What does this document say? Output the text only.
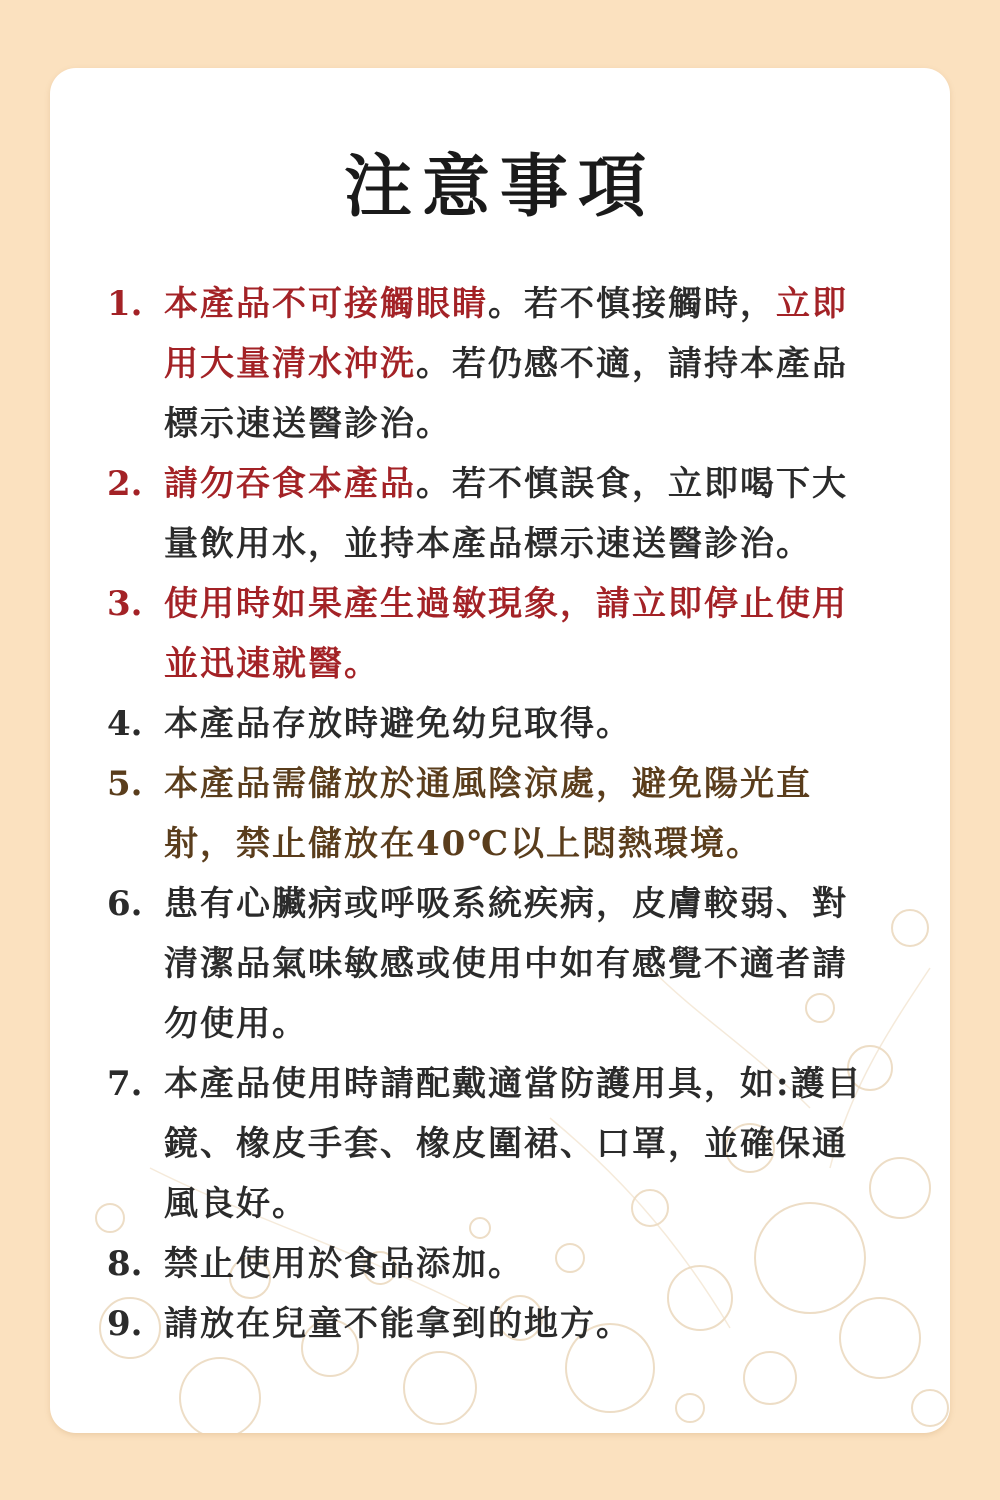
注意事項
1. 本產品不可接觸眼睛。若不慎接觸時，立即用大量清水沖洗。若仍感不適，請持本產品標示速送醫診治。
2. 請勿吞食本產品。若不慎誤食，立即喝下大量飲用水，並持本產品標示速送醫診治。
3. 使用時如果產生過敏現象，請立即停止使用並迅速就醫。
4. 本產品存放時避免幼兒取得。
5. 本產品需儲放於通風陰涼處，避免陽光直射，禁止儲放在40℃以上悶熱環境。
6. 患有心臟病或呼吸系統疾病，皮膚較弱、對清潔品氣味敏感或使用中如有感覺不適者請勿使用。
7. 本產品使用時請配戴適當防護用具，如:護目鏡、橡皮手套、橡皮圍裙、口罩，並確保通風良好。
8. 禁止使用於食品添加。
9. 請放在兒童不能拿到的地方。
